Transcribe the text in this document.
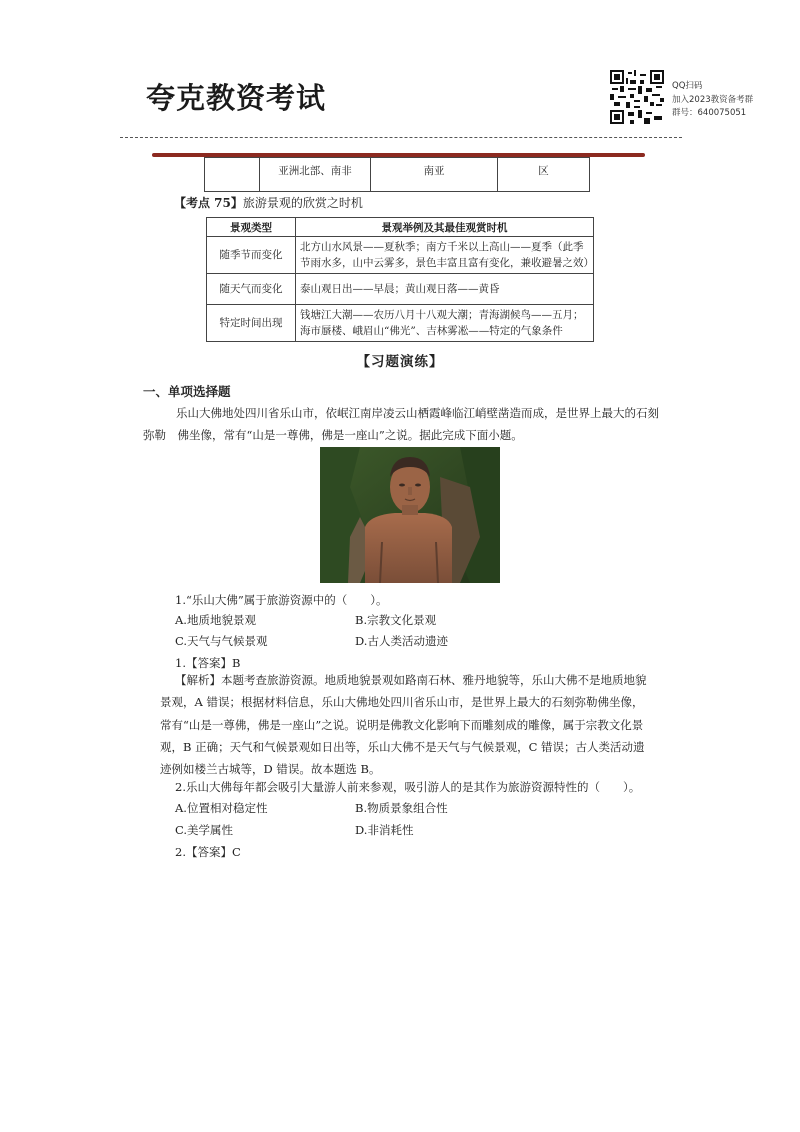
夸克教资考试	QQ扫码
加入2023教资备考群
群号：640075051
	亚洲北部、南非	南亚	区
【考点 75】旅游景观的欣赏之时机
景观类型	景观举例及其最佳观赏时机
随季节而变化	北方山水风景——夏秋季；南方千米以上高山——夏季（此季节雨水多，山中云雾多，景色丰富且富有变化，兼收避暑之效）
随天气而变化	泰山观日出——早晨；黄山观日落——黄昏
特定时间出现	钱塘江大潮——农历八月十八观大潮；青海湖候鸟——五月；海市蜃楼、峨眉山“佛光”、吉林雾凇——特定的气象条件
【习题演练】
一、单项选择题
乐山大佛地处四川省乐山市，依岷江南岸凌云山栖霞峰临江峭壁凿造而成，是世界上最大的石刻弥勒　佛坐像，常有“山是一尊佛，佛是一座山”之说。据此完成下面小题。
1.“乐山大佛”属于旅游资源中的（　　）。
A.地质地貌景观	B.宗教文化景观
C.天气与气候景观	D.古人类活动遗迹
1.【答案】B
【解析】本题考查旅游资源。地质地貌景观如路南石林、雅丹地貌等，乐山大佛不是地质地貌景观，A 错误；根据材料信息，乐山大佛地处四川省乐山市，是世界上最大的石刻弥勒佛坐像，常有“山是一尊佛，佛是一座山”之说。说明是佛教文化影响下而雕刻成的雕像，属于宗教文化景观，B 正确；天气和气候景观如日出等，乐山大佛不是天气与气候景观，C 错误；古人类活动遗迹例如楼兰古城等，D 错误。故本题选 B。
2.乐山大佛每年都会吸引大量游人前来参观，吸引游人的是其作为旅游资源特性的（　　）。
A.位置相对稳定性	B.物质景象组合性
C.美学属性	D.非消耗性
2.【答案】C
